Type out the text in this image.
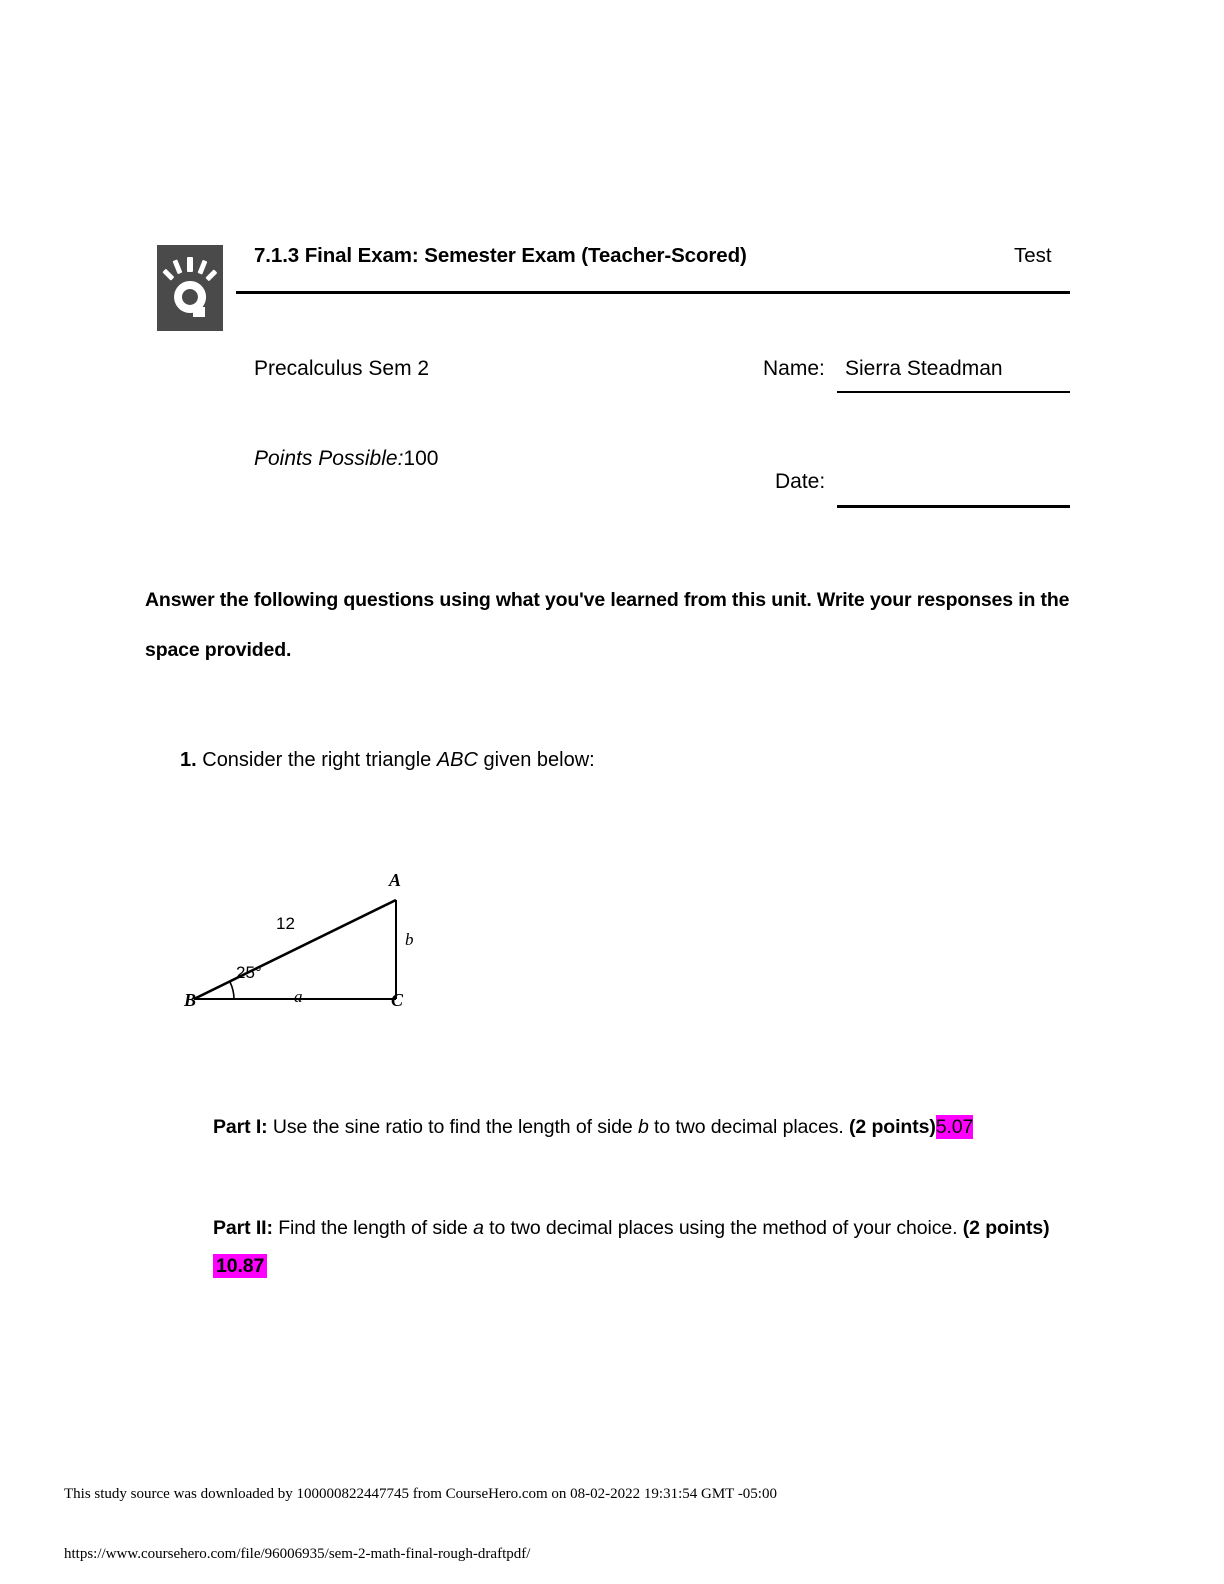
7.1.3 Final Exam: Semester Exam (Teacher-Scored)	Test
Precalculus Sem 2
Points Possible:100
Name: Sierra Steadman
Date:
Answer the following questions using what you've learned from this unit. Write your responses in the space provided.
1. Consider the right triangle ABC given below:
B	C
A
12
25°
b
a
Part I: Use the sine ratio to find the length of side b to two decimal places. (2 points)5.07
Part II: Find the length of side a to two decimal places using the method of your choice. (2 points) 10.87
This study source was downloaded by 100000822447745 from CourseHero.com on 08-02-2022 19:31:54 GMT -05:00
https://www.coursehero.com/file/96006935/sem-2-math-final-rough-draftpdf/
